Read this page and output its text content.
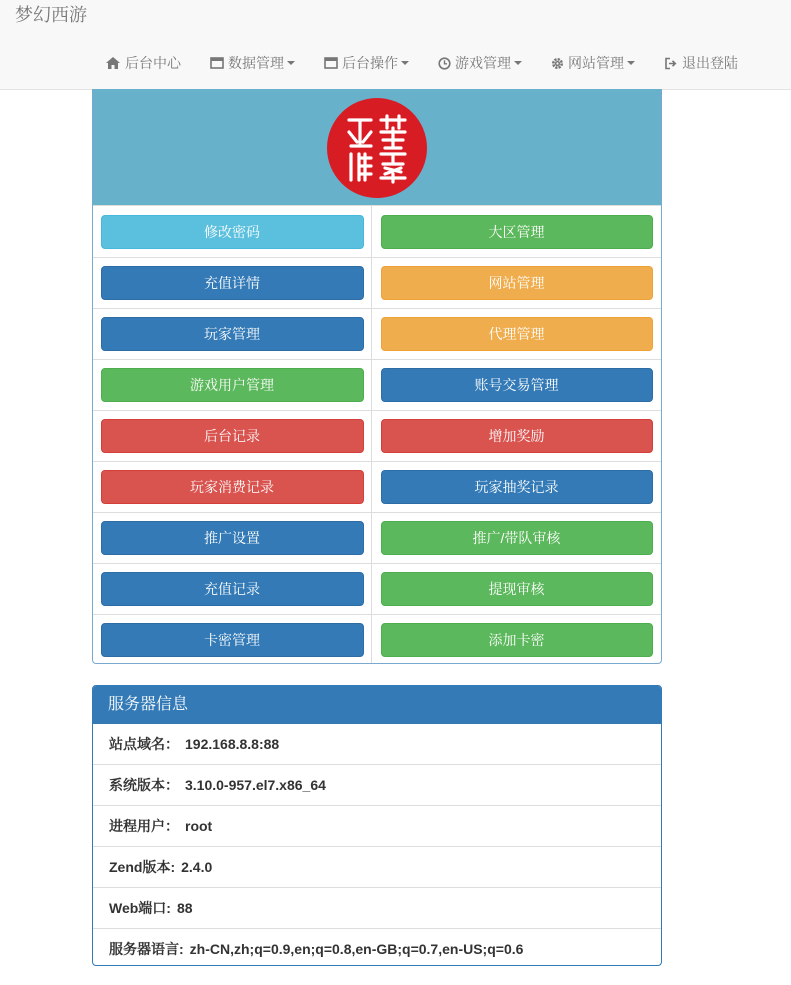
梦幻西游
后台中心	数据管理	后台操作	游戏管理	网站管理	退出登陆
修改密码	大区管理
充值详情	网站管理
玩家管理	代理管理
游戏用户管理	账号交易管理
后台记录	增加奖励
玩家消费记录	玩家抽奖记录
推广设置	推广/带队审核
充值记录	提现审核
卡密管理	添加卡密
服务器信息
站点域名： 192.168.8.8:88
系统版本： 3.10.0-957.el7.x86_64
进程用户： root
Zend版本: 2.4.0
Web端口: 88
服务器语言: zh-CN,zh;q=0.9,en;q=0.8,en-GB;q=0.7,en-US;q=0.6
